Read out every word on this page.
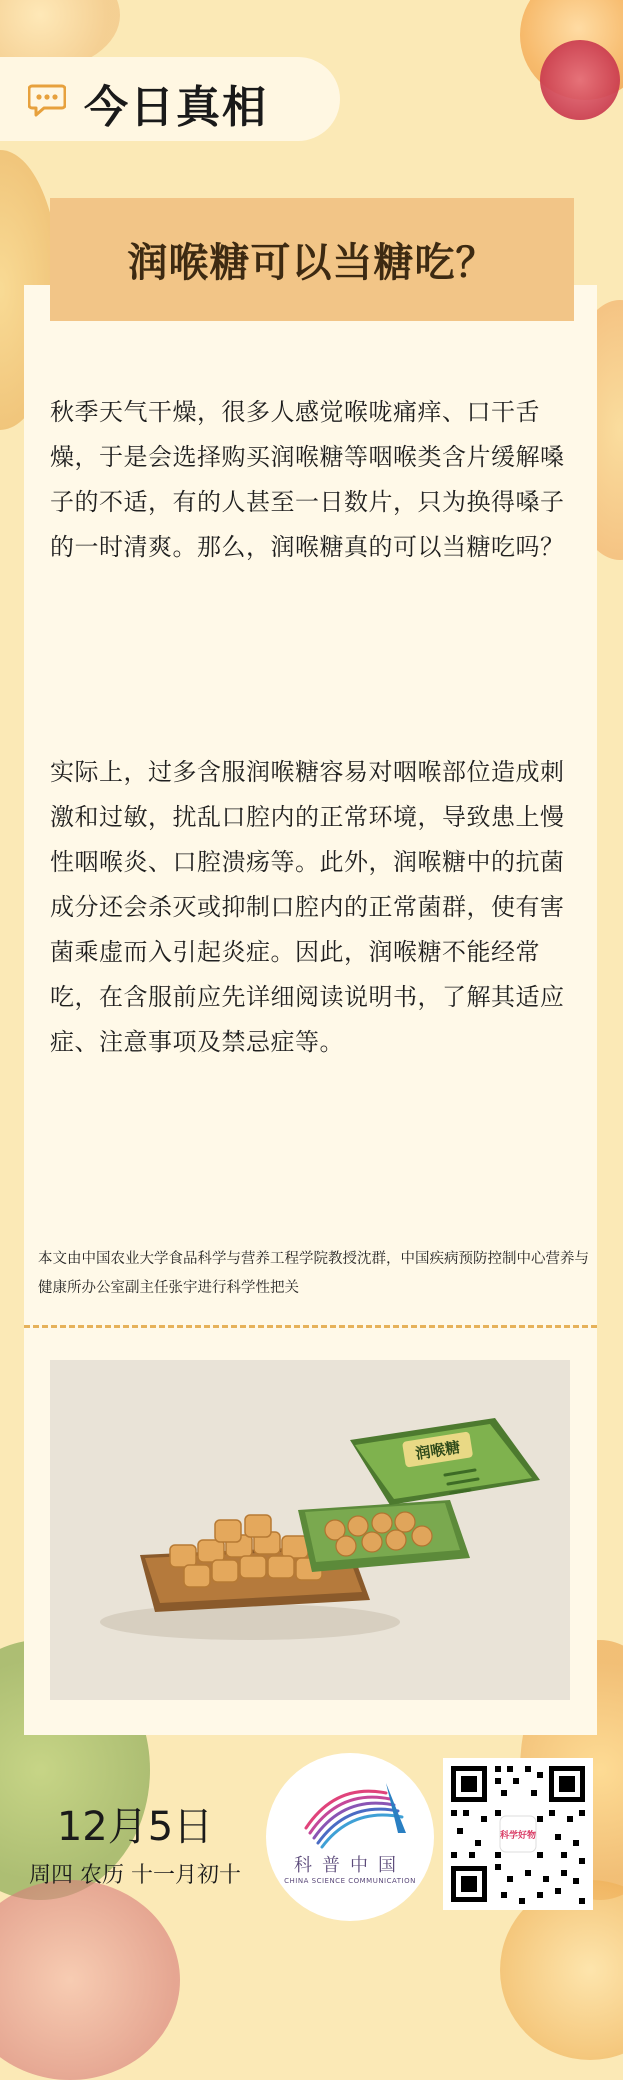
今日真相
润喉糖可以当糖吃？
秋季天气干燥，很多人感觉喉咙痛痒、口干舌燥，于是会选择购买润喉糖等咽喉类含片缓解嗓子的不适，有的人甚至一日数片，只为换得嗓子的一时清爽。那么，润喉糖真的可以当糖吃吗？
实际上，过多含服润喉糖容易对咽喉部位造成刺激和过敏，扰乱口腔内的正常环境，导致患上慢性咽喉炎、口腔溃疡等。此外，润喉糖中的抗菌成分还会杀灭或抑制口腔内的正常菌群，使有害菌乘虚而入引起炎症。因此，润喉糖不能经常吃，在含服前应先详细阅读说明书，了解其适应症、注意事项及禁忌症等。
本文由中国农业大学食品科学与营养工程学院教授沈群，中国疾病预防控制中心营养与健康所办公室副主任张宇进行科学性把关
润喉糖
12月5日
周四 农历 十一月初十	科普中国
CHINA SCIENCE COMMUNICATION
科学好物
